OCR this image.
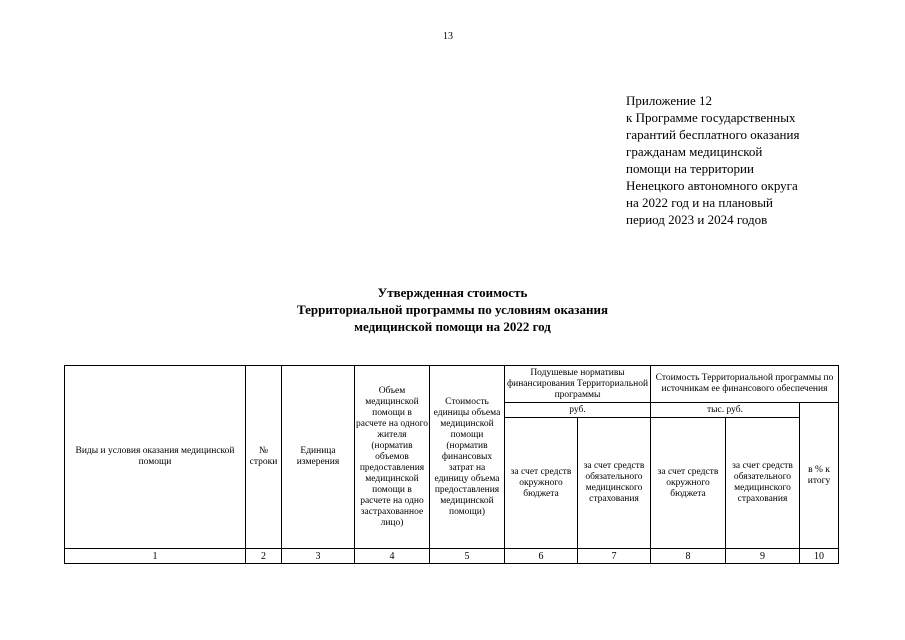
13
Приложение 12
к Программе государственных
гарантий бесплатного оказания
гражданам медицинской
помощи на территории
Ненецкого автономного округа
на 2022 год и на плановый
период 2023 и 2024 годов
Утвержденная стоимость
Территориальной программы по условиям оказания
медицинской помощи на 2022 год
Виды и условия оказания медицинской помощи	№ строки	Единица измерения	Объем медицинской помощи в расчете на одного жителя (норматив объемов предоставления медицинской помощи в расчете на одно застрахованное лицо)	Стоимость единицы объема медицинской помощи (норматив финансовых затрат на единицу объема предоставления медицинской помощи)	Подушевые нормативы финансирования Территориальной программы		Стоимость Территориальной программы по источникам ее финансового обеспечения		
					руб.		тыс. руб.		в % к итогу
					за счет средств окружного бюджета	за счет средств обязательного медицинского страхования	за счет средств окружного бюджета	за счет средств обязательного медицинского страхования	
1	2	3	4	5	6	7	8	9	10
